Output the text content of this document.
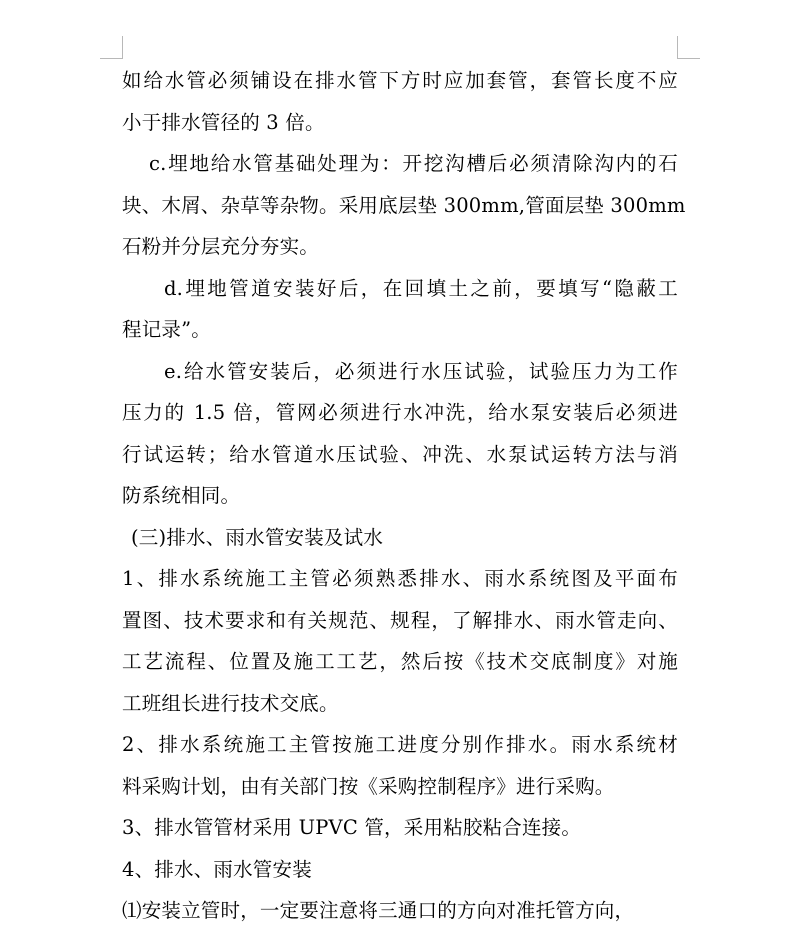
如给水管必须铺设在排水管下方时应加套管，套管长度不应
小于排水管径的 3 倍。
c.埋地给水管基础处理为：开挖沟槽后必须清除沟内的石
块、木屑、杂草等杂物。采用底层垫 300mm,管面层垫 300mm
石粉并分层充分夯实。
d.埋地管道安装好后，在回填土之前，要填写“隐蔽工
程记录”。
e.给水管安装后，必须进行水压试验，试验压力为工作
压力的 1.5 倍，管网必须进行水冲洗，给水泵安装后必须进
行试运转；给水管道水压试验、冲洗、水泵试运转方法与消
防系统相同。
(三)排水、雨水管安装及试水
1、排水系统施工主管必须熟悉排水、雨水系统图及平面布
置图、技术要求和有关规范、规程，了解排水、雨水管走向、
工艺流程、位置及施工工艺，然后按《技术交底制度》对施
工班组长进行技术交底。
2、排水系统施工主管按施工进度分别作排水。雨水系统材
料采购计划，由有关部门按《采购控制程序》进行采购。
3、排水管管材采用 UPVC 管，采用粘胶粘合连接。
4、排水、雨水管安装
⑴安装立管时，一定要注意将三通口的方向对准托管方向，
